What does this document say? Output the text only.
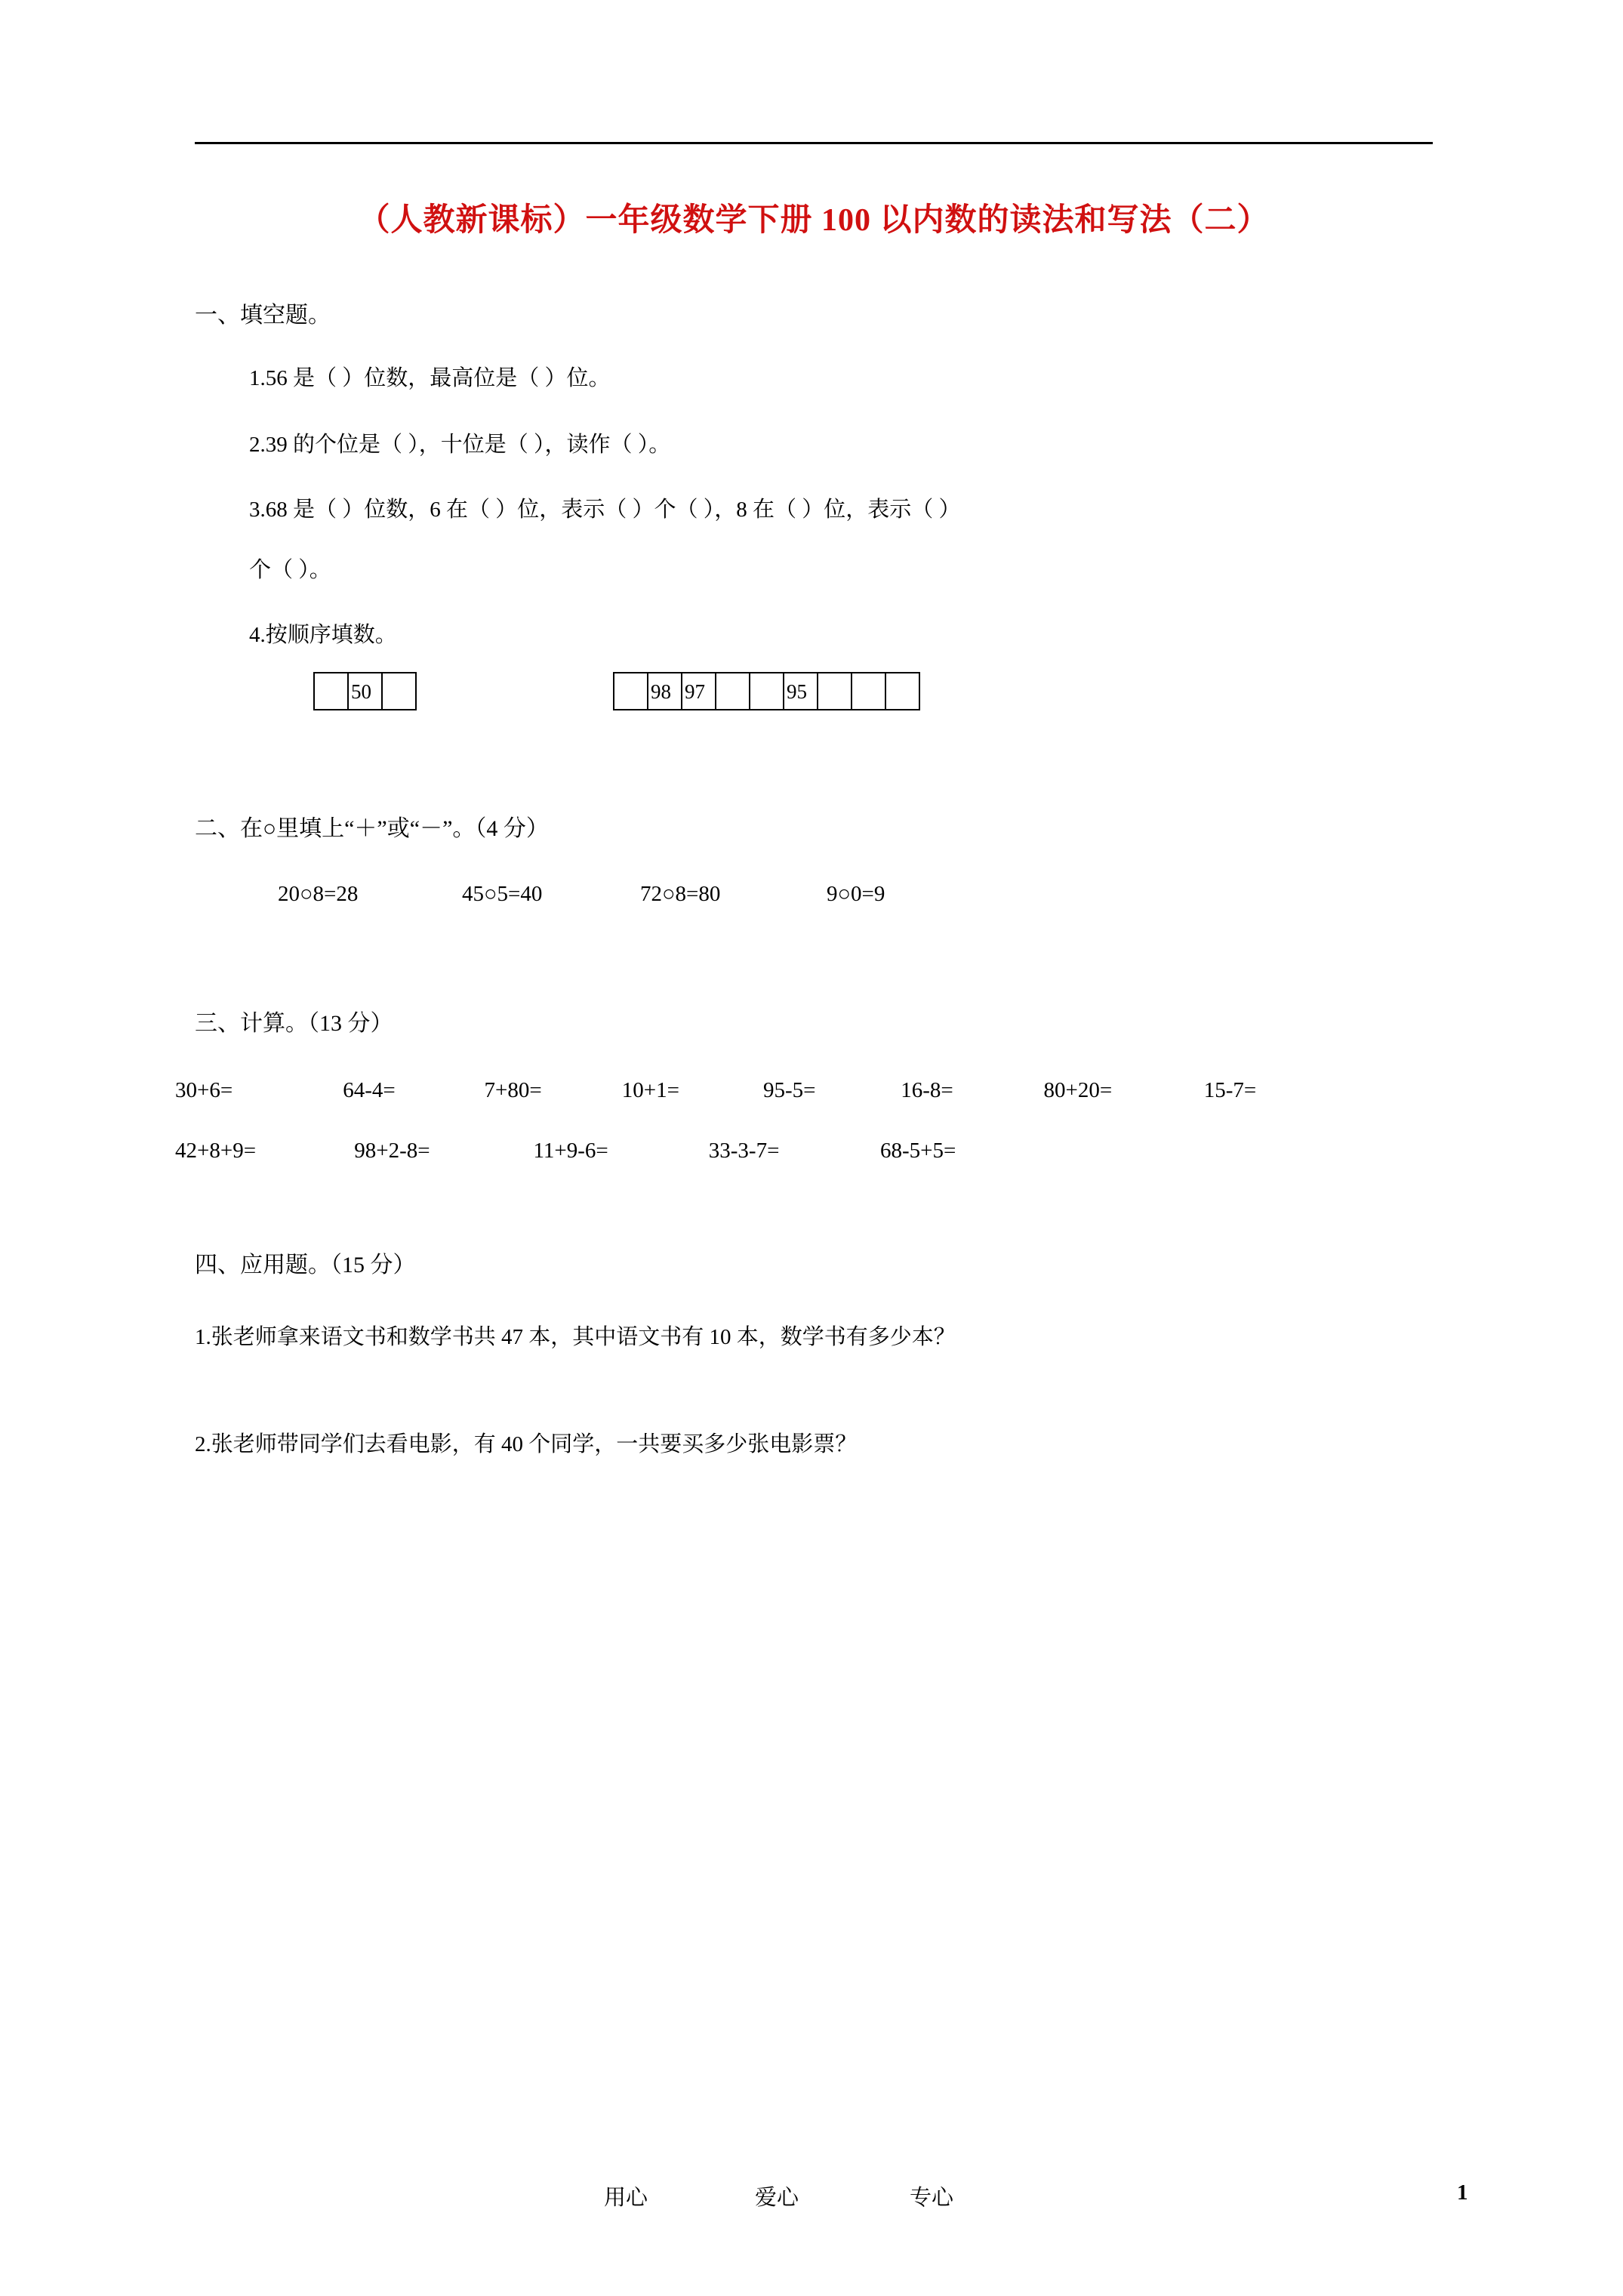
（人教新课标）一年级数学下册 100 以内数的读法和写法（二）
一、填空题。
1.56 是（ ）位数，最高位是（ ）位。
2.39 的个位是（ ），十位是（ ），读作（ ）。
3.68 是（ ）位数，6 在（ ）位，表示（ ）个（ ），8 在（ ）位，表示（ ）
个（ ）。
4.按顺序填数。
50	98 97	95
二、在○里填上“＋”或“－”。（4 分）
20○8=28	45○5=40	72○8=80	9○0=9
三、计算。（13 分）
30+6=	64-4=	7+80=	10+1=	95-5=	16-8=	80+20=	15-7=
42+8+9=	98+2-8=	11+9-6=	33-3-7=	68-5+5=
四、应用题。（15 分）
1.张老师拿来语文书和数学书共 47 本，其中语文书有 10 本，数学书有多少本？
2.张老师带同学们去看电影，有 40 个同学，一共要买多少张电影票？
用心	爱心	专心	1
